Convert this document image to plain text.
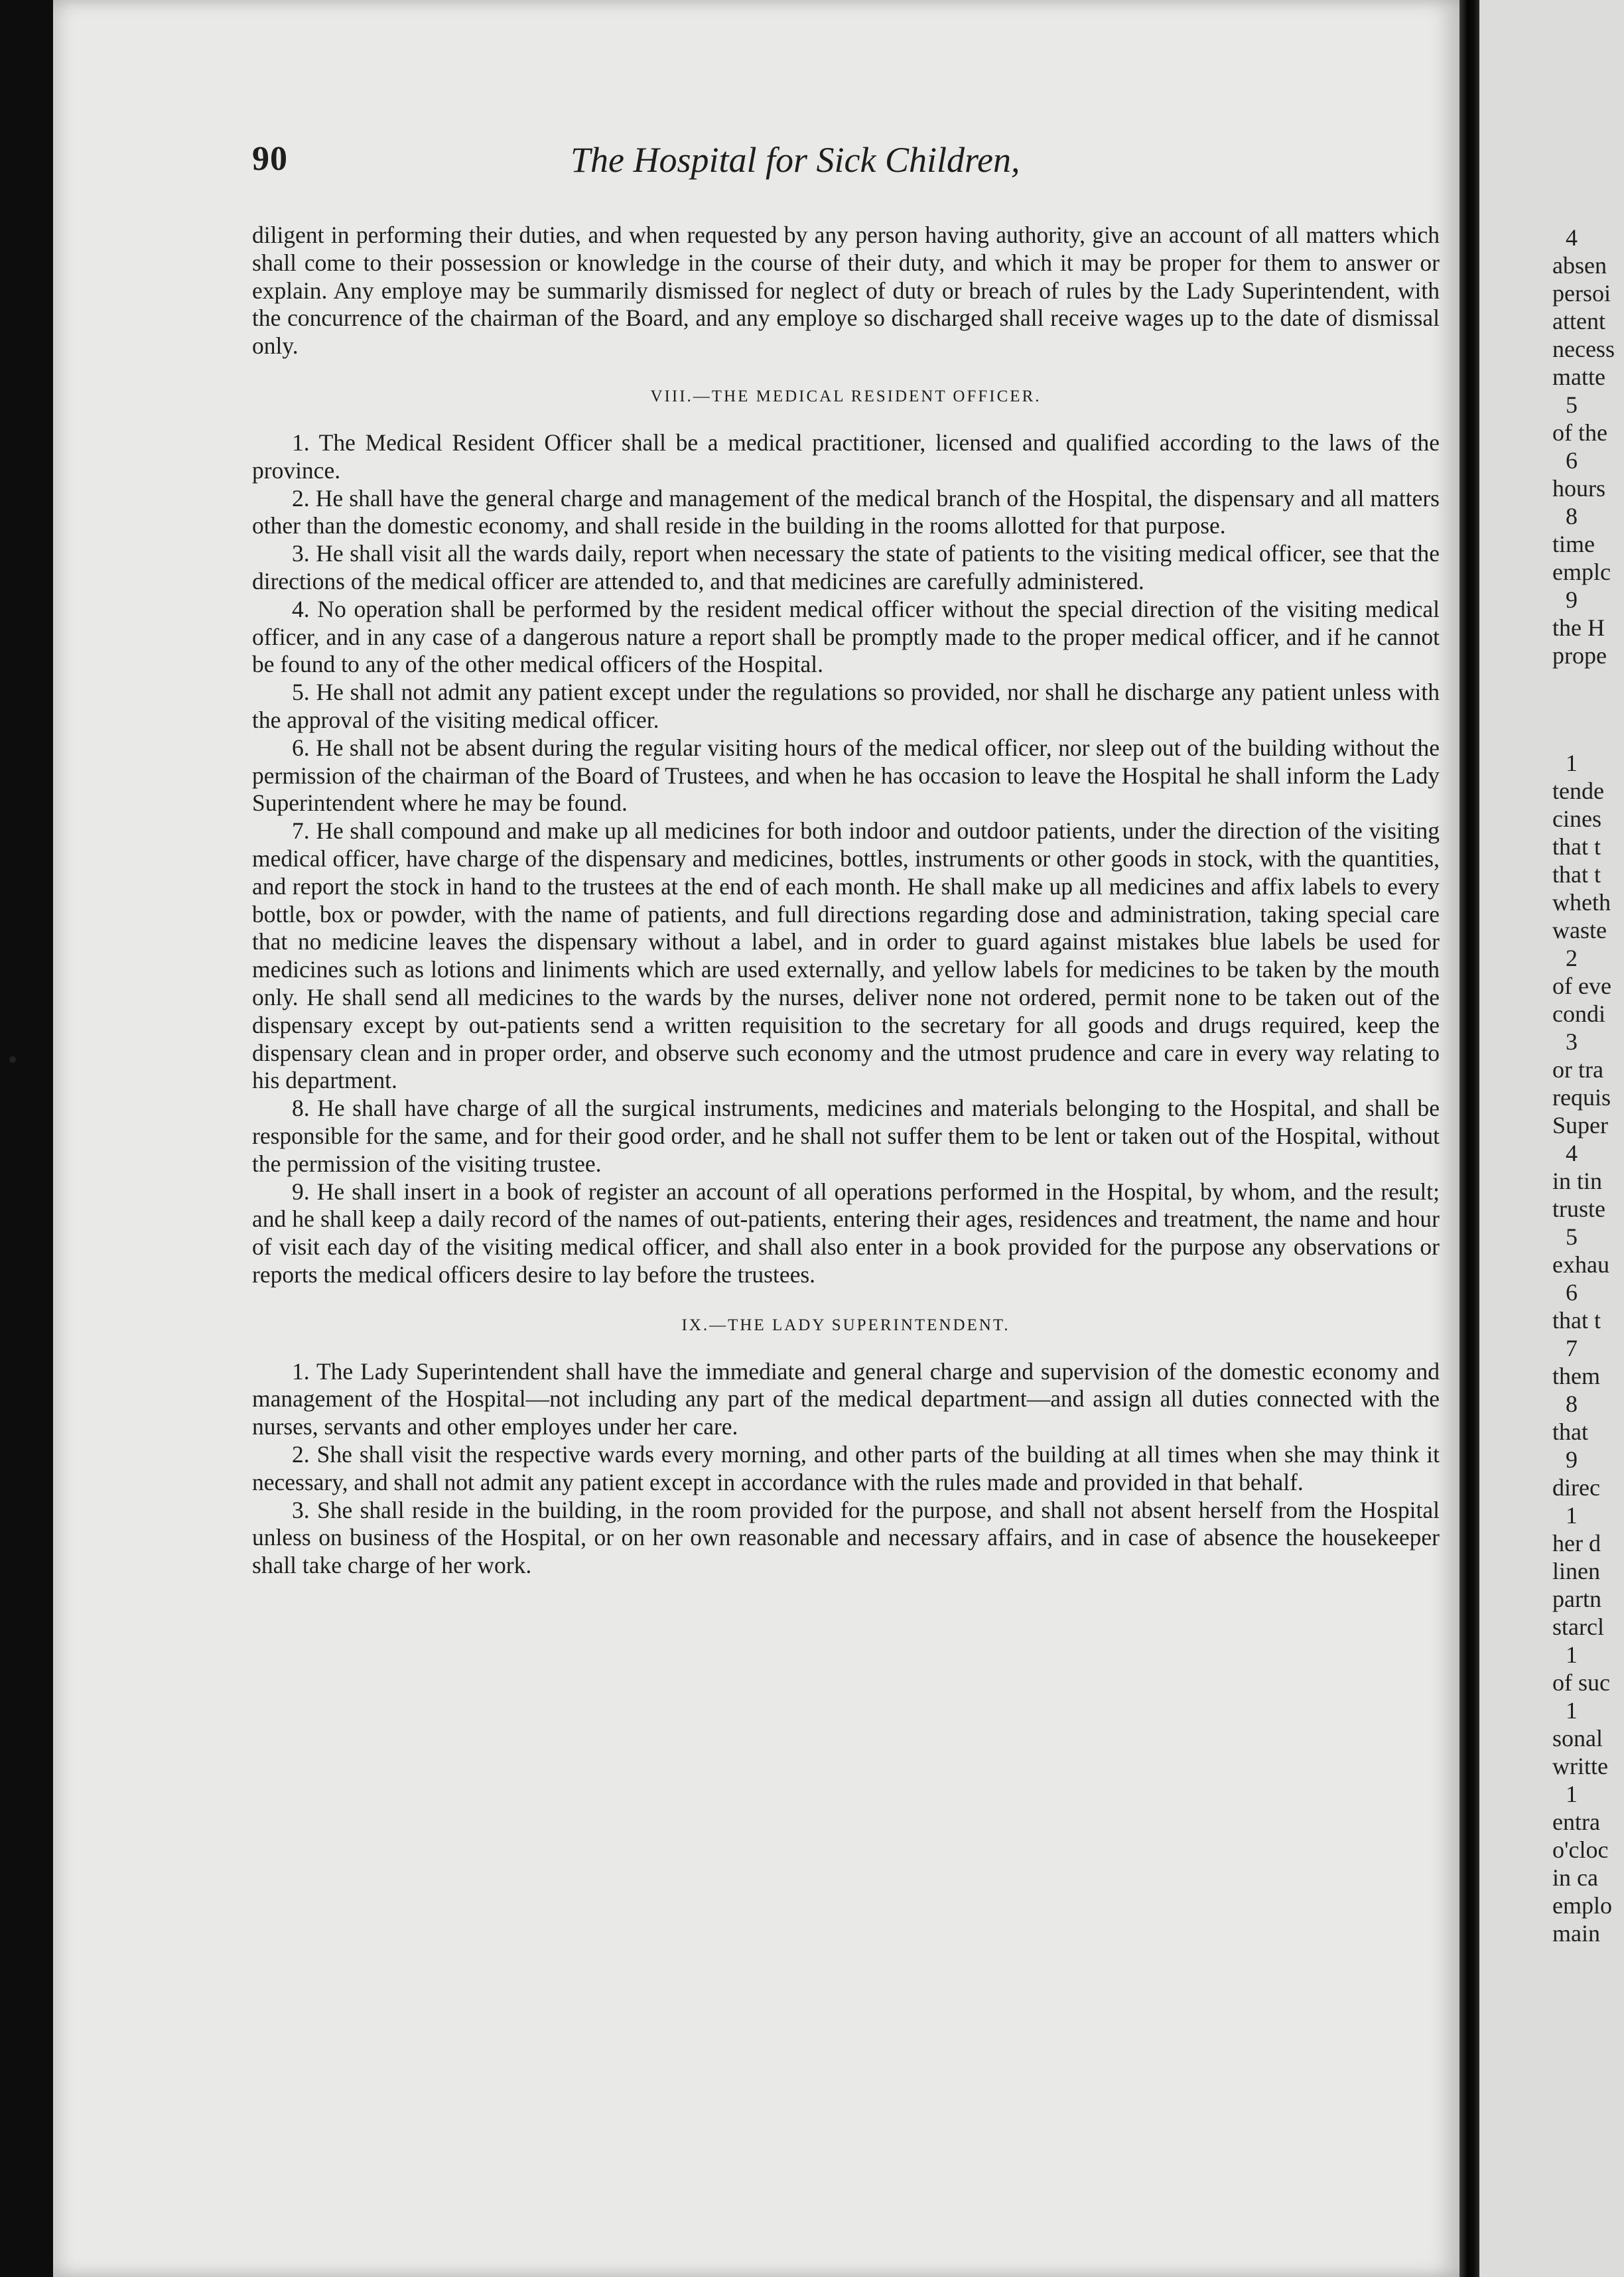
90	The Hospital for Sick Children,

diligent in performing their duties, and when requested by any person having authority, give an account of all matters which shall come to their possession or knowledge in the course of their duty, and which it may be proper for them to answer or explain. Any employe may be summarily dismissed for neglect of duty or breach of rules by the Lady Superintendent, with the concurrence of the chairman of the Board, and any employe so discharged shall receive wages up to the date of dismissal only.

VIII.—THE MEDICAL RESIDENT OFFICER.

1. The Medical Resident Officer shall be a medical practitioner, licensed and qualified according to the laws of the province.

2. He shall have the general charge and management of the medical branch of the Hospital, the dispensary and all matters other than the domestic economy, and shall reside in the building in the rooms allotted for that purpose.

3. He shall visit all the wards daily, report when necessary the state of patients to the visiting medical officer, see that the directions of the medical officer are attended to, and that medicines are carefully administered.

4. No operation shall be performed by the resident medical officer without the special direction of the visiting medical officer, and in any case of a dangerous nature a report shall be promptly made to the proper medical officer, and if he cannot be found to any of the other medical officers of the Hospital.

5. He shall not admit any patient except under the regulations so provided, nor shall he discharge any patient unless with the approval of the visiting medical officer.

6. He shall not be absent during the regular visiting hours of the medical officer, nor sleep out of the building without the permission of the chairman of the Board of Trustees, and when he has occasion to leave the Hospital he shall inform the Lady Superintendent where he may be found.

7. He shall compound and make up all medicines for both indoor and outdoor patients, under the direction of the visiting medical officer, have charge of the dispensary and medicines, bottles, instruments or other goods in stock, with the quantities, and report the stock in hand to the trustees at the end of each month. He shall make up all medicines and affix labels to every bottle, box or powder, with the name of patients, and full directions regarding dose and administration, taking special care that no medicine leaves the dispensary without a label, and in order to guard against mistakes blue labels be used for medicines such as lotions and liniments which are used externally, and yellow labels for medicines to be taken by the mouth only. He shall send all medicines to the wards by the nurses, deliver none not ordered, permit none to be taken out of the dispensary except by out-patients send a written requisition to the secretary for all goods and drugs required, keep the dispensary clean and in proper order, and observe such economy and the utmost prudence and care in every way relating to his department.

8. He shall have charge of all the surgical instruments, medicines and materials belonging to the Hospital, and shall be responsible for the same, and for their good order, and he shall not suffer them to be lent or taken out of the Hospital, without the permission of the visiting trustee.

9. He shall insert in a book of register an account of all operations performed in the Hospital, by whom, and the result; and he shall keep a daily record of the names of out-patients, entering their ages, residences and treatment, the name and hour of visit each day of the visiting medical officer, and shall also enter in a book provided for the purpose any observations or reports the medical officers desire to lay before the trustees.

IX.—THE LADY SUPERINTENDENT.

1. The Lady Superintendent shall have the immediate and general charge and supervision of the domestic economy and management of the Hospital—not including any part of the medical department—and assign all duties connected with the nurses, servants and other employes under her care.

2. She shall visit the respective wards every morning, and other parts of the building at all times when she may think it necessary, and shall not admit any patient except in accordance with the rules made and provided in that behalf.

3. She shall reside in the building, in the room provided for the purpose, and shall not absent herself from the Hospital unless on business of the Hospital, or on her own reasonable and necessary affairs, and in case of absence the housekeeper shall take charge of her work.

4
absen
persoi
attent
necess
matte
5
of the
6
hours
8
time
emplc
9
the H
prope
1
tende
cines
that t
that t
wheth
waste
2
of eve
condi
3
or tra
requis
Super
4
in tin
truste
5
exhau
6
that t
7
them
8
that
9
direc
1
her d
linen
partn
starcl
1
of suc
1
sonal
writte
1
entra
o'cloc
in ca
emplo
main
